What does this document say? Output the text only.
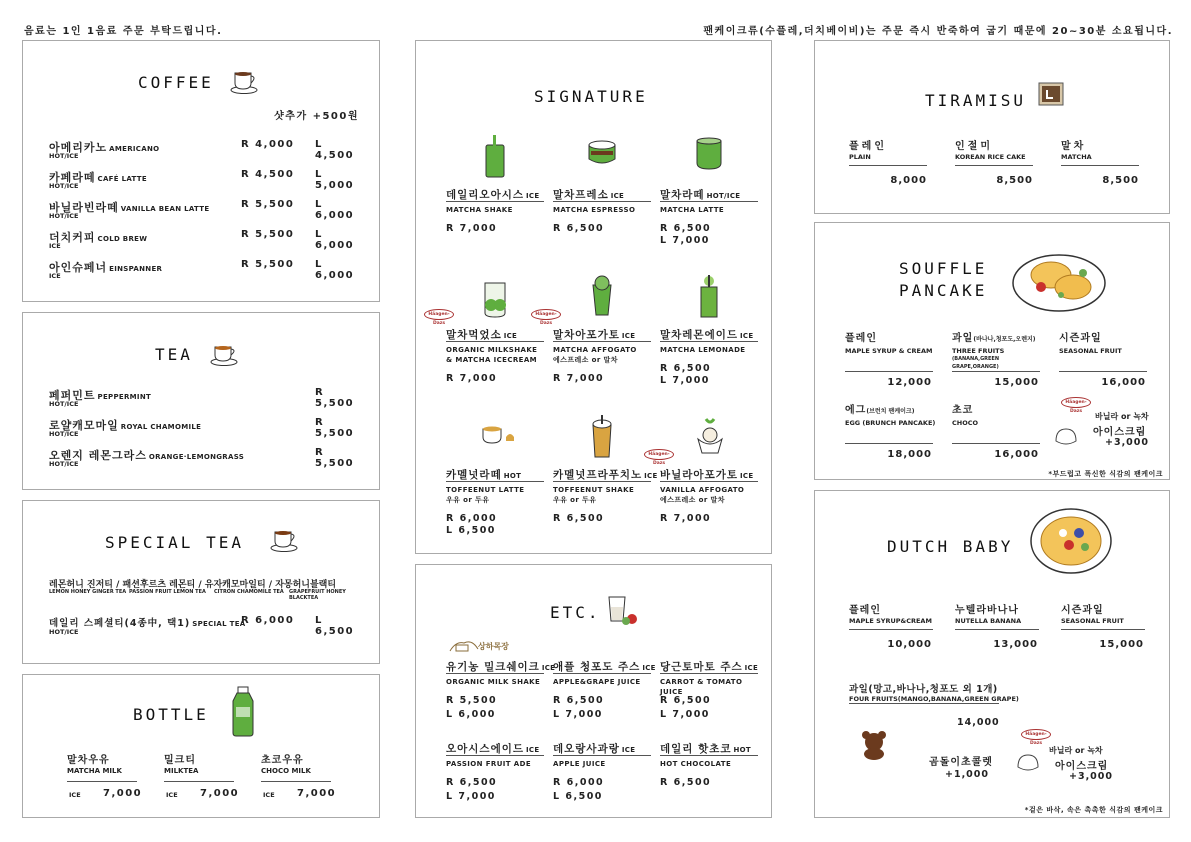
음료는 1인 1음료 주문 부탁드립니다.	팬케이크류(수플레,더치베이비)는 주문 즉시 반죽하여 굽기 때문에 20~30분 소요됩니다.
COFFEE
샷추가 +500원
아메리카노 AMERICANO
HOT/ICE
R 4,000 L 4,500
카페라떼 CAFÉ LATTE
HOT/ICE
R 4,500 L 5,000
바닐라빈라떼 VANILLA BEAN LATTE
HOT/ICE
R 5,500 L 6,000
더치커피 COLD BREW
ICE
R 5,500 L 6,000
아인슈페너 EINSPANNER
ICE
R 5,500 L 6,000
TEA
페퍼민트 PEPPERMINT
HOT/ICE
R 5,500
로얄캐모마일 ROYAL CHAMOMILE
HOT/ICE
R 5,500
오렌지 레몬그라스 ORANGE·LEMONGRASS
HOT/ICE
R 5,500
SPECIAL TEA
레몬허니 진저티 / 패션후르츠 레몬티 / 유자캐모마일티 / 자몽허니블랙티
LEMON HONEY GINGER TEA PASSION FRUIT LEMON TEA CITRON CHAMOMILE TEA GRAPEFRUIT HONEY BLACKTEA
데일리 스페셜티(4종中, 택1) SPECIAL TEA
HOT/ICE
R 6,000 L 6,500
BOTTLE
말차우유
MATCHA MILK
ICE 7,000
밀크티
MILKTEA
ICE 7,000
초코우유
CHOCO MILK
ICE 7,000
SIGNATURE
데일리오아시스 ICE
MATCHA SHAKE
R 7,000
말차프레소 ICE
MATCHA ESPRESSO
R 6,500
말차라떼 HOT/ICE
MATCHA LATTE
R 6,500
L 7,000
Häagen-Dazs
말차먹었소 ICE
ORGANIC MILKSHAKE
& MATCHA ICECREAM
R 7,000
Häagen-Dazs
말차아포가토 ICE
MATCHA AFFOGATO
에스프레소 or 말차
R 7,000
말차레몬에이드 ICE
MATCHA LEMONADE
R 6,500
L 7,000
카멜넛라떼 HOT
TOFFEENUT LATTE
우유 or 두유
R 6,000
L 6,500
카멜넛프라푸치노 ICE
TOFFEENUT SHAKE
우유 or 두유
R 6,500
Häagen-Dazs
바닐라아포가토 ICE
VANILLA AFFOGATO
에스프레소 or 말차
R 7,000
ETC.
상하목장
유기농 밀크쉐이크 ICE
ORGANIC MILK SHAKE
R 5,500
L 6,000
애플 청포도 주스 ICE
APPLE&GRAPE JUICE
R 6,500
L 7,000
당근토마토 주스 ICE
CARROT & TOMATO JUICE
R 6,500
L 7,000
오아시스에이드 ICE
PASSION FRUIT ADE
R 6,500
L 7,000
데오랑사과랑 ICE
APPLE JUICE
R 6,000
L 6,500
데일리 핫초코 HOT
HOT CHOCOLATE
R 6,500
TIRAMISU
플레인
PLAIN
8,000
인절미
KOREAN RICE CAKE
8,500
말차
MATCHA
8,500
SOUFFLE
PANCAKE
플레인
MAPLE SYRUP & CREAM
12,000
과일(바나나,청포도,오렌지)
THREE FRUITS
(BANANA,GREEN GRAPE,ORANGE)
15,000
시즌과일
SEASONAL FRUIT
16,000
에그(브런치 팬케이크)
EGG (BRUNCH PANCAKE)
18,000
초코
CHOCO
16,000
Häagen-Dazs
바닐라 or 녹차
아이스크림
+3,000
*부드럽고 폭신한 식감의 팬케이크
DUTCH BABY
플레인
MAPLE SYRUP&CREAM
10,000
누텔라바나나
NUTELLA BANANA
13,000
시즌과일
SEASONAL FRUIT
15,000
과일(망고,바나나,청포도 외 1개)
FOUR FRUITS(MANGO,BANANA,GREEN GRAPE)
14,000
곰돌이초콜렛
+1,000
Häagen-Dazs
바닐라 or 녹차
아이스크림
+3,000
*겉은 바삭, 속은 촉촉한 식감의 팬케이크
